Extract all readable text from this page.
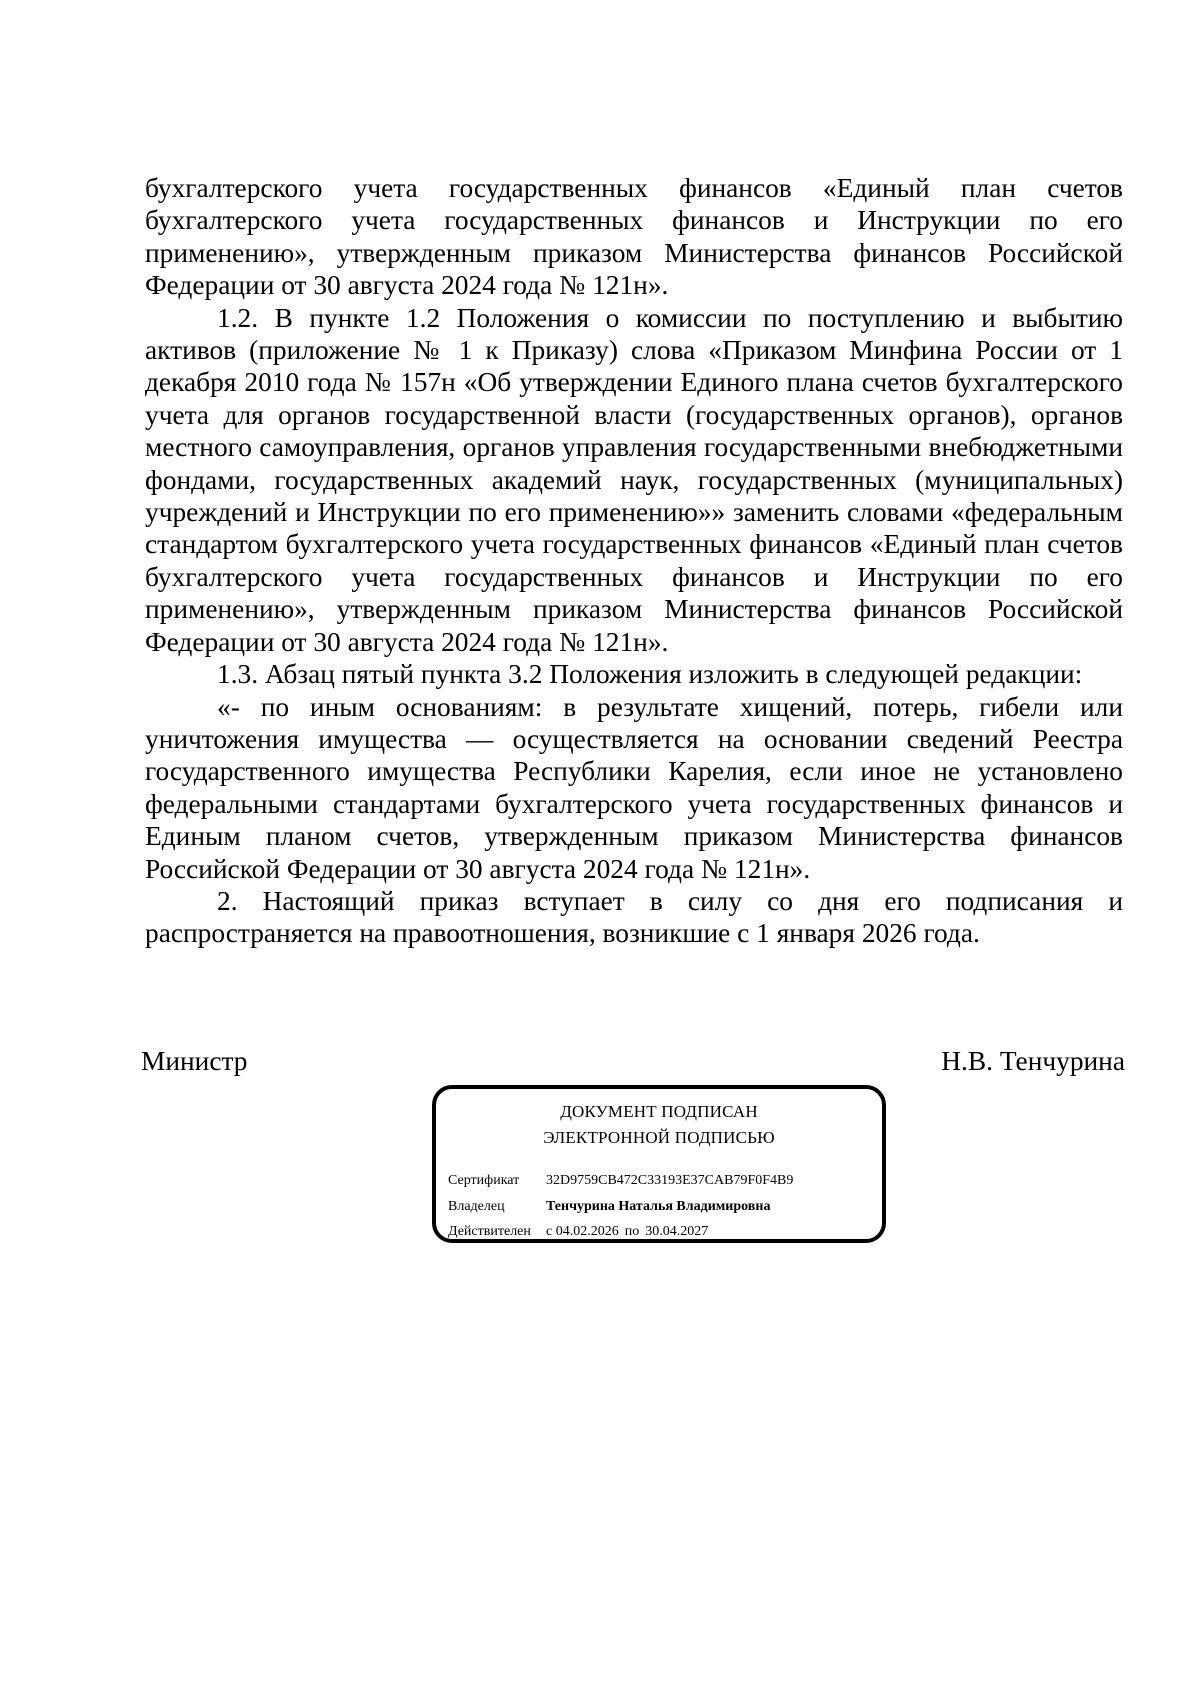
бухгалтерского учета государственных финансов «Единый план счетов бухгалтерского учета государственных финансов и Инструкции по его применению», утвержденным приказом Министерства финансов Российской Федерации от 30 августа 2024 года № 121н».

1.2. В пункте 1.2 Положения о комиссии по поступлению и выбытию активов (приложение № 1 к Приказу) слова «Приказом Минфина России от 1 декабря 2010 года № 157н «Об утверждении Единого плана счетов бухгалтерского учета для органов государственной власти (государственных органов), органов местного самоуправления, органов управления государственными внебюджетными фондами, государственных академий наук, государственных (муниципальных) учреждений и Инструкции по его применению»» заменить словами «федеральным стандартом бухгалтерского учета государственных финансов «Единый план счетов бухгалтерского учета государственных финансов и Инструкции по его применению», утвержденным приказом Министерства финансов Российской Федерации от 30 августа 2024 года № 121н».

1.3. Абзац пятый пункта 3.2 Положения изложить в следующей редакции:

«- по иным основаниям: в результате хищений, потерь, гибели или уничтожения имущества — осуществляется на основании сведений Реестра государственного имущества Республики Карелия, если иное не установлено федеральными стандартами бухгалтерского учета государственных финансов и Единым планом счетов, утвержденным приказом Министерства финансов Российской Федерации от 30 августа 2024 года № 121н».

2. Настоящий приказ вступает в силу со дня его подписания и распространяется на правоотношения, возникшие с 1 января 2026 года.

Министр	Н.В. Тенчурина
ДОКУМЕНТ ПОДПИСАН
ЭЛЕКТРОННОЙ ПОДПИСЬЮ
Сертификат 32D9759CB472C33193E37CAB79F0F4B9
Владелец	Тенчурина Наталья Владимировна
Действителен с 04.02.2026 по 30.04.2027
